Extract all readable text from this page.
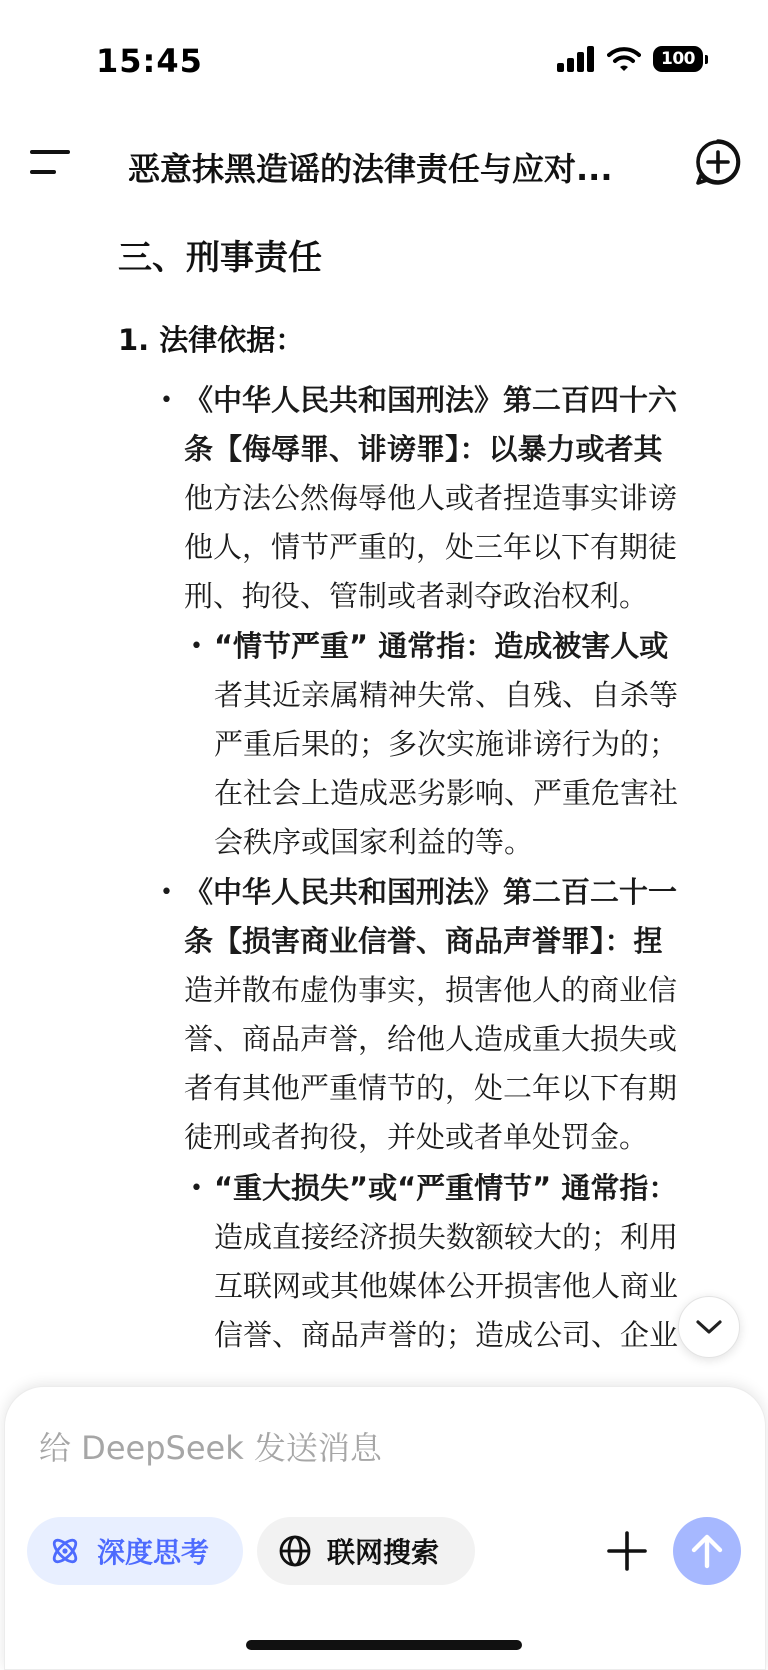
15:45	100
恶意抹黑造谣的法律责任与应对...
三、刑事责任
1. 法律依据：
• 《中华人民共和国刑法》第二百四十六
条【侮辱罪、诽谤罪】：以暴力或者其
他方法公然侮辱他人或者捏造事实诽谤
他人，情节严重的，处三年以下有期徒
刑、拘役、管制或者剥夺政治权利。
• “情节严重” 通常指：造成被害人或
者其近亲属精神失常、自残、自杀等
严重后果的；多次实施诽谤行为的；
在社会上造成恶劣影响、严重危害社
会秩序或国家利益的等。
• 《中华人民共和国刑法》第二百二十一
条【损害商业信誉、商品声誉罪】：捏
造并散布虚伪事实，损害他人的商业信
誉、商品声誉，给他人造成重大损失或
者有其他严重情节的，处二年以下有期
徒刑或者拘役，并处或者单处罚金。
• “重大损失”或“严重情节” 通常指：
造成直接经济损失数额较大的；利用
互联网或其他媒体公开损害他人商业
信誉、商品声誉的；造成公司、企业
给 DeepSeek 发送消息
深度思考	联网搜索
